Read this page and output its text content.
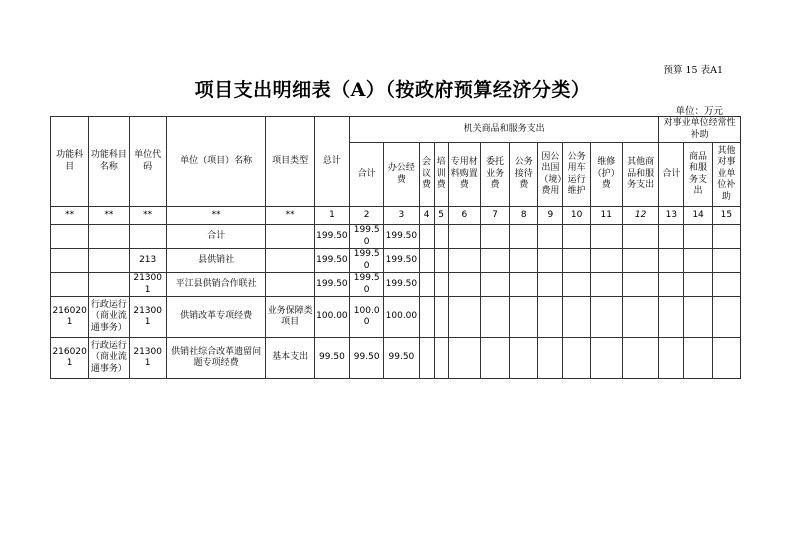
预算 15 表A1
项目支出明细表（A）（按政府预算经济分类）
单位：万元
功能科目	功能科目名称	单位代码	单位（项目）名称	项目类型	总计	机关商品和服务支出											对事业单位经常性补助		
						合计	办公经费	会议费	培训费	专用材料购置费	委托业务费	公务接待费	因公出国（境）费用	公务用车运行维护	维修（护）费	其他商品和服务支出	合计	商品和服务支出	其他对事业单位补助
**	**	**	**	**	1	2	3	4	5	6	7	8	9	10	11	12	13	14	15
			合计		199.50	199.50	199.50												
		213	县供销社		199.50	199.50	199.50												
		213001	平江县供销合作联社		199.50	199.50	199.50												
2160201	行政运行（商业流通事务）	213001	供销改革专项经费	业务保障类项目	100.00	100.00	100.00												
2160201	行政运行（商业流通事务）	213001	供销社综合改革遗留问题专项经费	基本支出	99.50	99.50	99.50												
